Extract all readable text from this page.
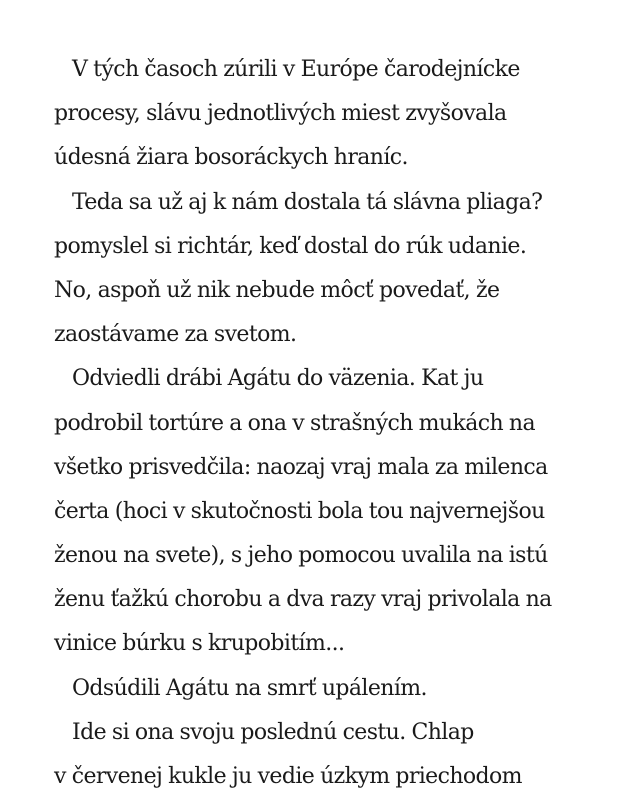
V tých časoch zúrili v Európe čarodejnícke
procesy, slávu jednotlivých miest zvyšovala
údesná žiara bosoráckych hraníc.
Teda sa už aj k nám dostala tá slávna pliaga?
pomyslel si richtár, keď dostal do rúk udanie.
No, aspoň už nik nebude môcť povedať, že
zaostávame za svetom.
Odviedli drábi Agátu do väzenia. Kat ju
podrobil tortúre a ona v strašných mukách na
všetko prisvedčila: naozaj vraj mala za milenca
čerta (hoci v skutočnosti bola tou najvernejšou
ženou na svete), s jeho pomocou uvalila na istú
ženu ťažkú chorobu a dva razy vraj privolala na
vinice búrku s krupobitím...
Odsúdili Agátu na smrť upálením.
Ide si ona svoju poslednú cestu. Chlap
v červenej kukle ju vedie úzkym priechodom
